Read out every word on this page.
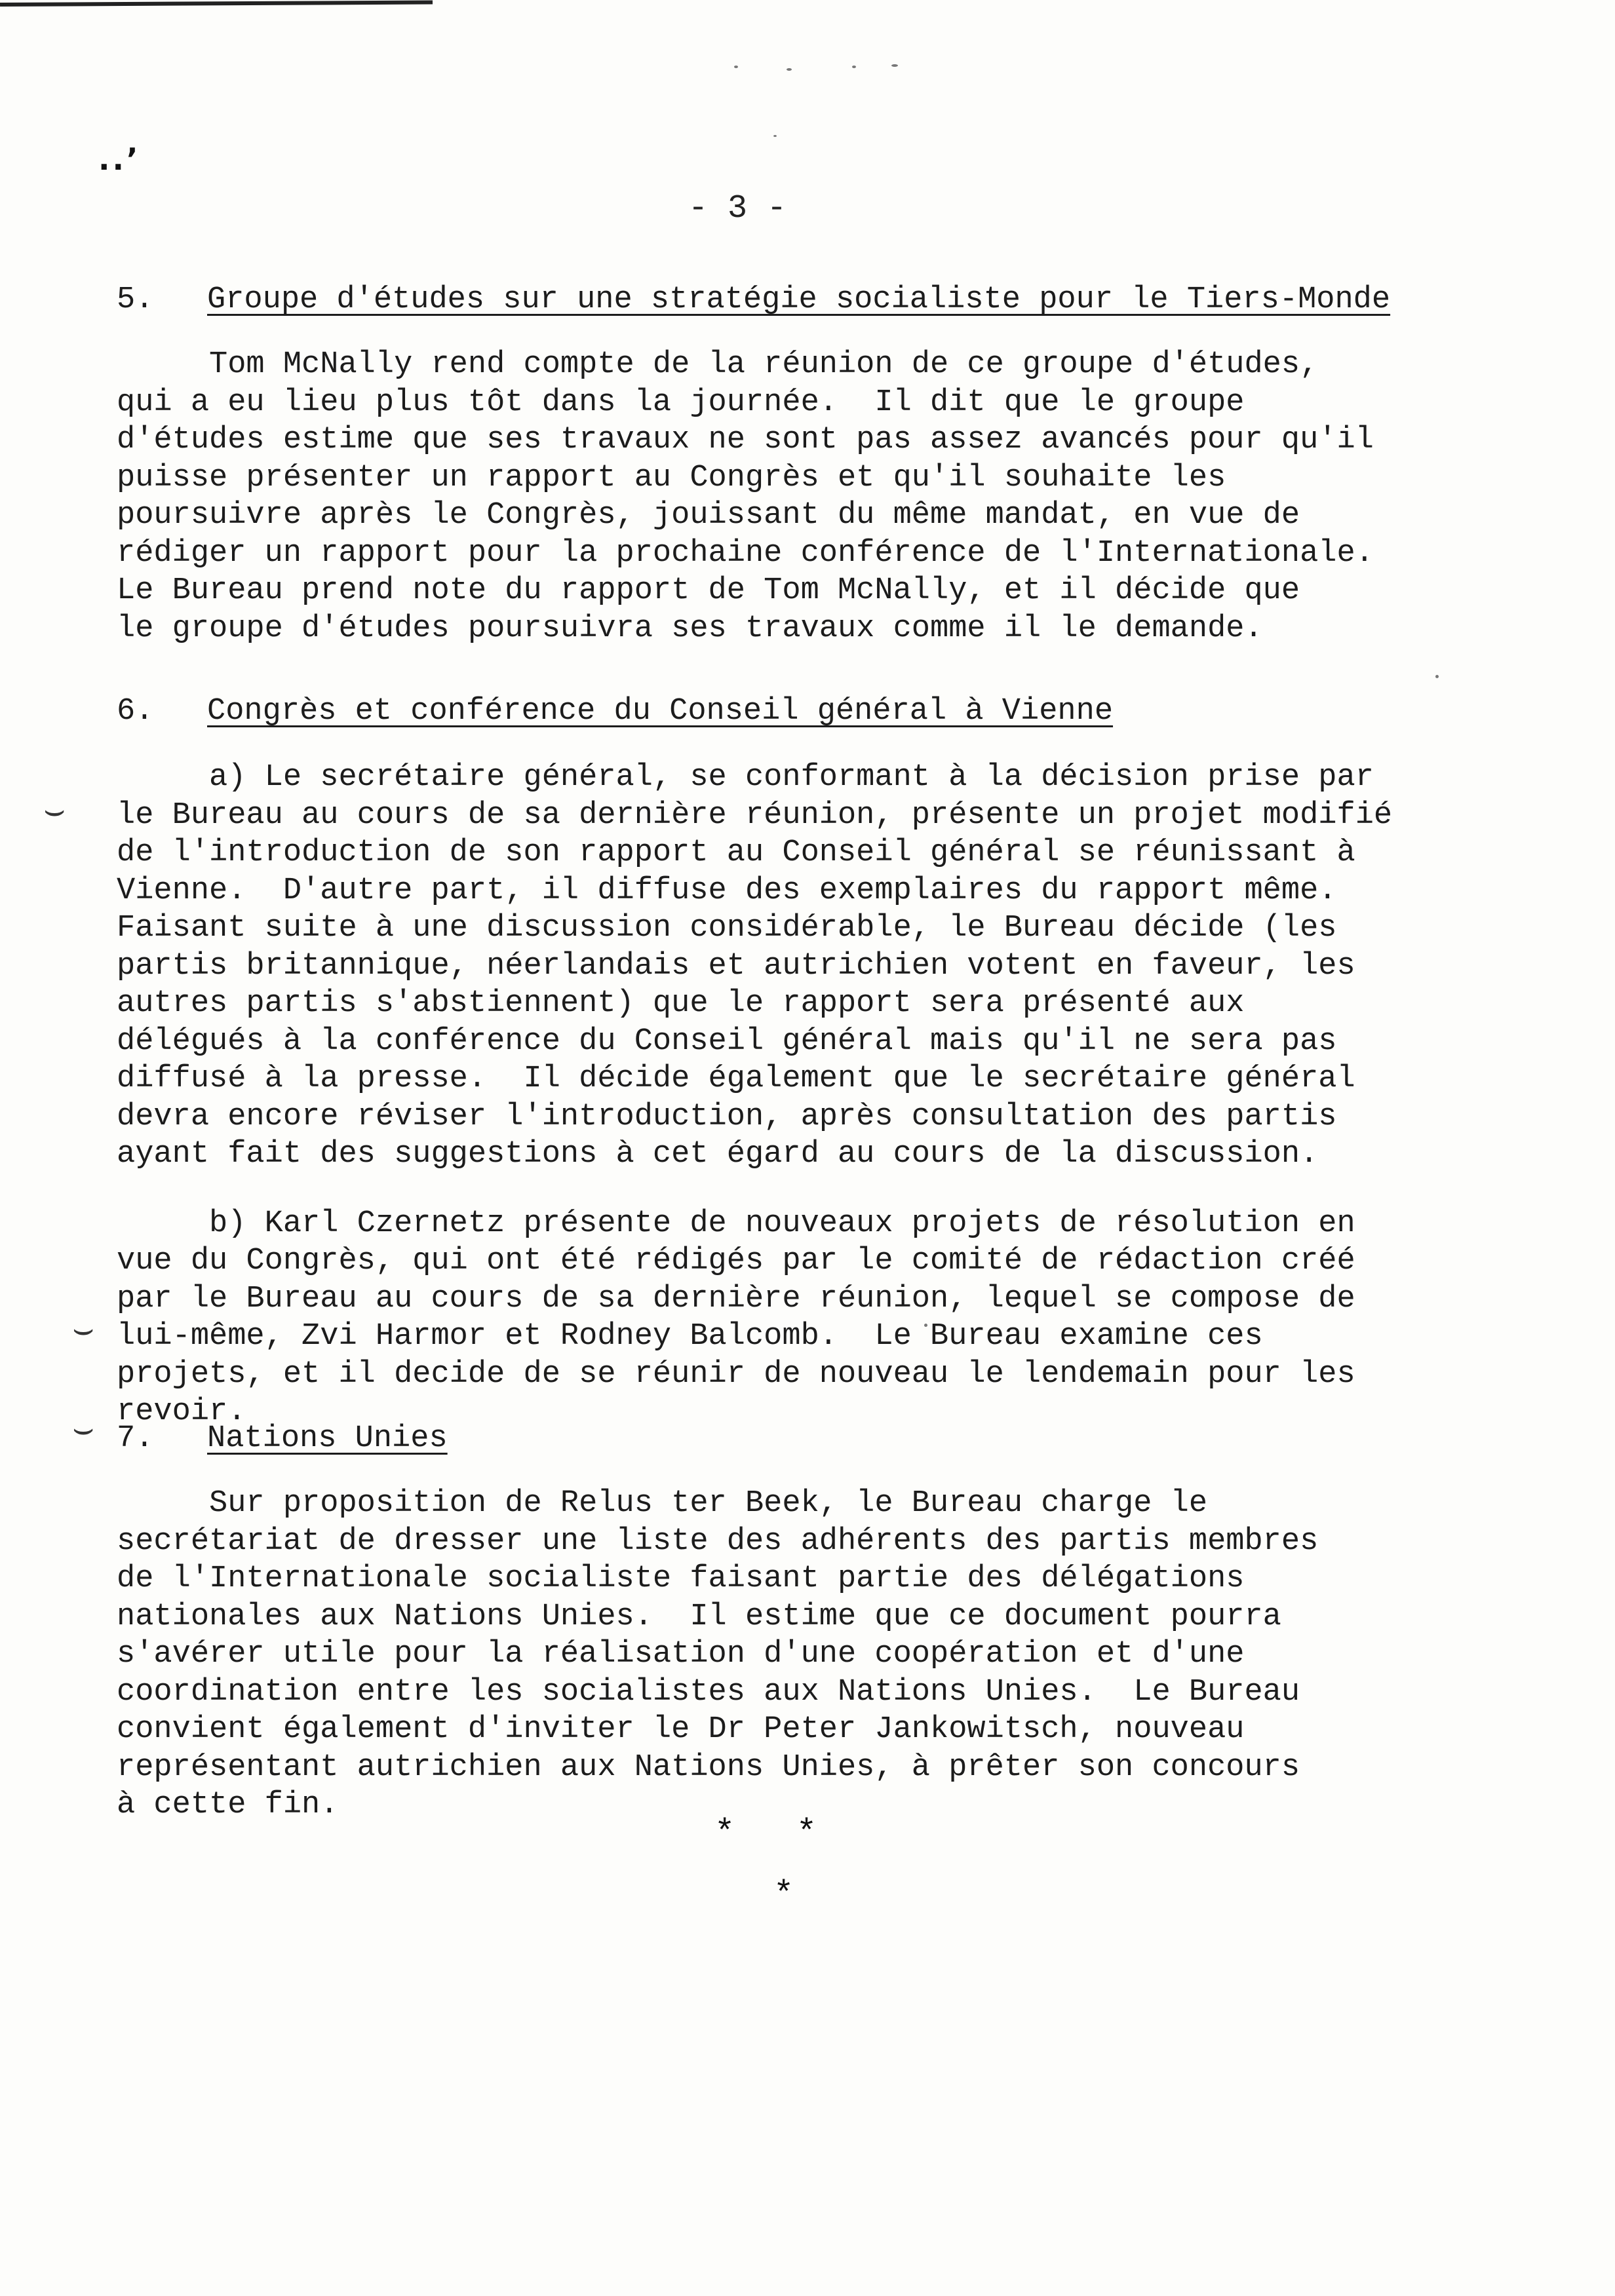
..’
- 3 -
5. Groupe d'études sur une stratégie socialiste pour le Tiers-Monde

Tom McNally rend compte de la réunion de ce groupe d'études,
qui a eu lieu plus tôt dans la journée.  Il dit que le groupe
d'études estime que ses travaux ne sont pas assez avancés pour qu'il
puisse présenter un rapport au Congrès et qu'il souhaite les
poursuivre après le Congrès, jouissant du même mandat, en vue de
rédiger un rapport pour la prochaine conférence de l'Internationale.
Le Bureau prend note du rapport de Tom McNally, et il décide que
le groupe d'études poursuivra ses travaux comme il le demande.

6. Congrès et conférence du Conseil général à Vienne

a) Le secrétaire général, se conformant à la décision prise par
le Bureau au cours de sa dernière réunion, présente un projet modifié
de l'introduction de son rapport au Conseil général se réunissant à
Vienne.  D'autre part, il diffuse des exemplaires du rapport même.
Faisant suite à une discussion considérable, le Bureau décide (les
partis britannique, néerlandais et autrichien votent en faveur, les
autres partis s'abstiennent) que le rapport sera présenté aux
délégués à la conférence du Conseil général mais qu'il ne sera pas
diffusé à la presse.  Il décide également que le secrétaire général
devra encore réviser l'introduction, après consultation des partis
ayant fait des suggestions à cet égard au cours de la discussion.

b) Karl Czernetz présente de nouveaux projets de résolution en
vue du Congrès, qui ont été rédigés par le comité de rédaction créé
par le Bureau au cours de sa dernière réunion, lequel se compose de
lui-même, Zvi Harmor et Rodney Balcomb.  Le Bureau examine ces
projets, et il decide de se réunir de nouveau le lendemain pour les
revoir.

7. Nations Unies

Sur proposition de Relus ter Beek, le Bureau charge le
secrétariat de dresser une liste des adhérents des partis membres
de l'Internationale socialiste faisant partie des délégations
nationales aux Nations Unies.  Il estime que ce document pourra
s'avérer utile pour la réalisation d'une coopération et d'une
coordination entre les socialistes aux Nations Unies.  Le Bureau
convient également d'inviter le Dr Peter Jankowitsch, nouveau
représentant autrichien aux Nations Unies, à prêter son concours
à cette fin.

⌣
⌣
⌣
*   *
*
